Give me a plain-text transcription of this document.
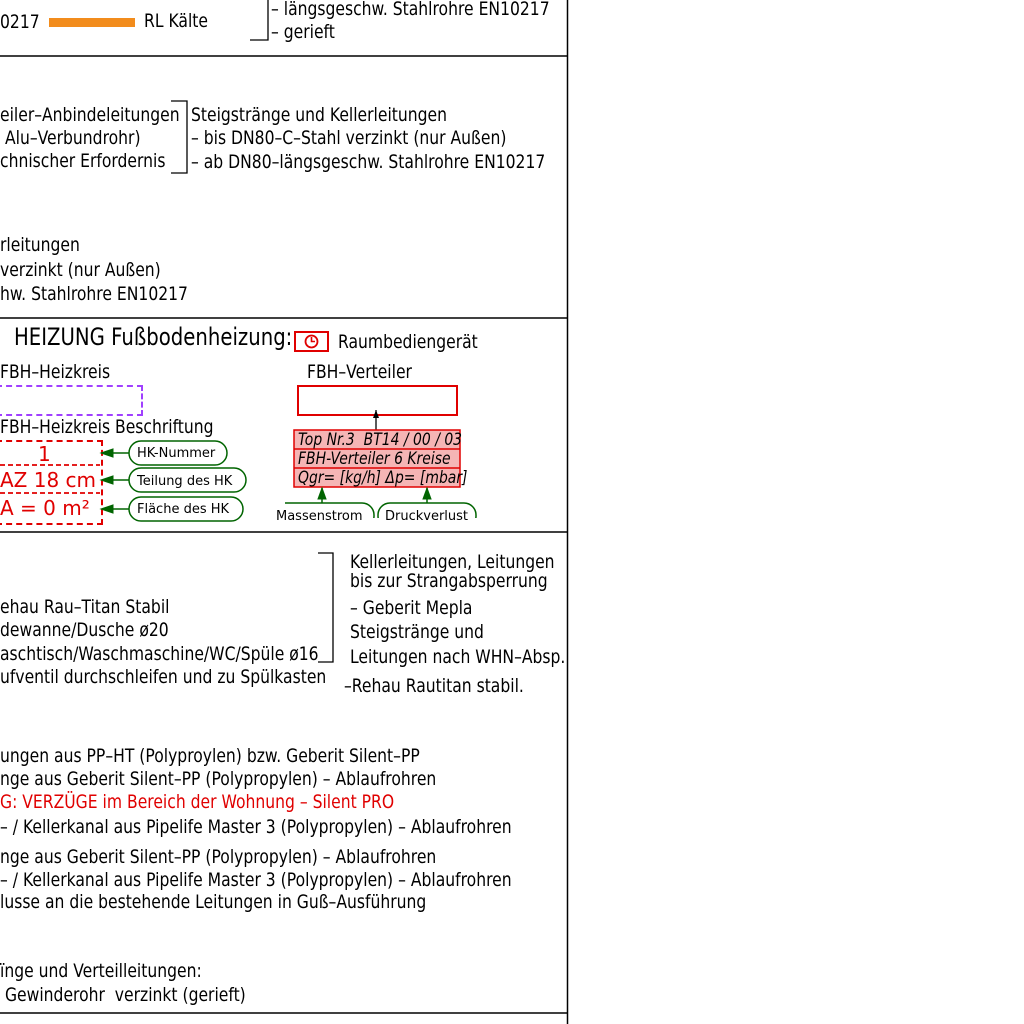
0217	RL Kälte
– längsgeschw. Stahlrohre EN10217
– gerieft
eiler–Anbindeleitungen
Alu–Verbundrohr)
chnischer Erfordernis
Steigstränge und Kellerleitungen
– bis DN80–C–Stahl verzinkt (nur Außen)
– ab DN80–längsgeschw. Stahlrohre EN10217
rleitungen
verzinkt (nur Außen)
hw. Stahlrohre EN10217
HEIZUNG Fußbodenheizung: Raumbediengerät
FBH–Heizkreis	FBH–Verteiler
FBH–Heizkreis Beschriftung
1
AZ 18 cm
A = 0 m²
HK-Nummer
Teilung des HK
Fläche des HK
Top Nr.3  BT14 / 00 / 03
FBH-Verteiler 6 Kreise
Qgr= [kg/h] Δp= [mbar]
Massenstrom Druckverlust
ehau Rau–Titan Stabil
dewanne/Dusche ø20
aschtisch/Waschmaschine/WC/Spüle ø16
ufventil durchschleifen und zu Spülkasten
Kellerleitungen, Leitungen
bis zur Strangabsperrung
– Geberit Mepla
Steigstränge und
Leitungen nach WHN–Absp.
–Rehau Rautitan stabil.
ungen aus PP–HT (Polyproylen) bzw. Geberit Silent–PP
nge aus Geberit Silent–PP (Polypropylen) – Ablaufrohren
G: VERZÜGE im Bereich der Wohnung – Silent PRO
– / Kellerkanal aus Pipelife Master 3 (Polypropylen) – Ablaufrohren
nge aus Geberit Silent–PP (Polypropylen) – Ablaufrohren
– / Kellerkanal aus Pipelife Master 3 (Polypropylen) – Ablaufrohren
lusse an die bestehende Leitungen in Guß–Ausführung
ïnge und Verteilleitungen:
Gewinderohr  verzinkt (gerieft)
